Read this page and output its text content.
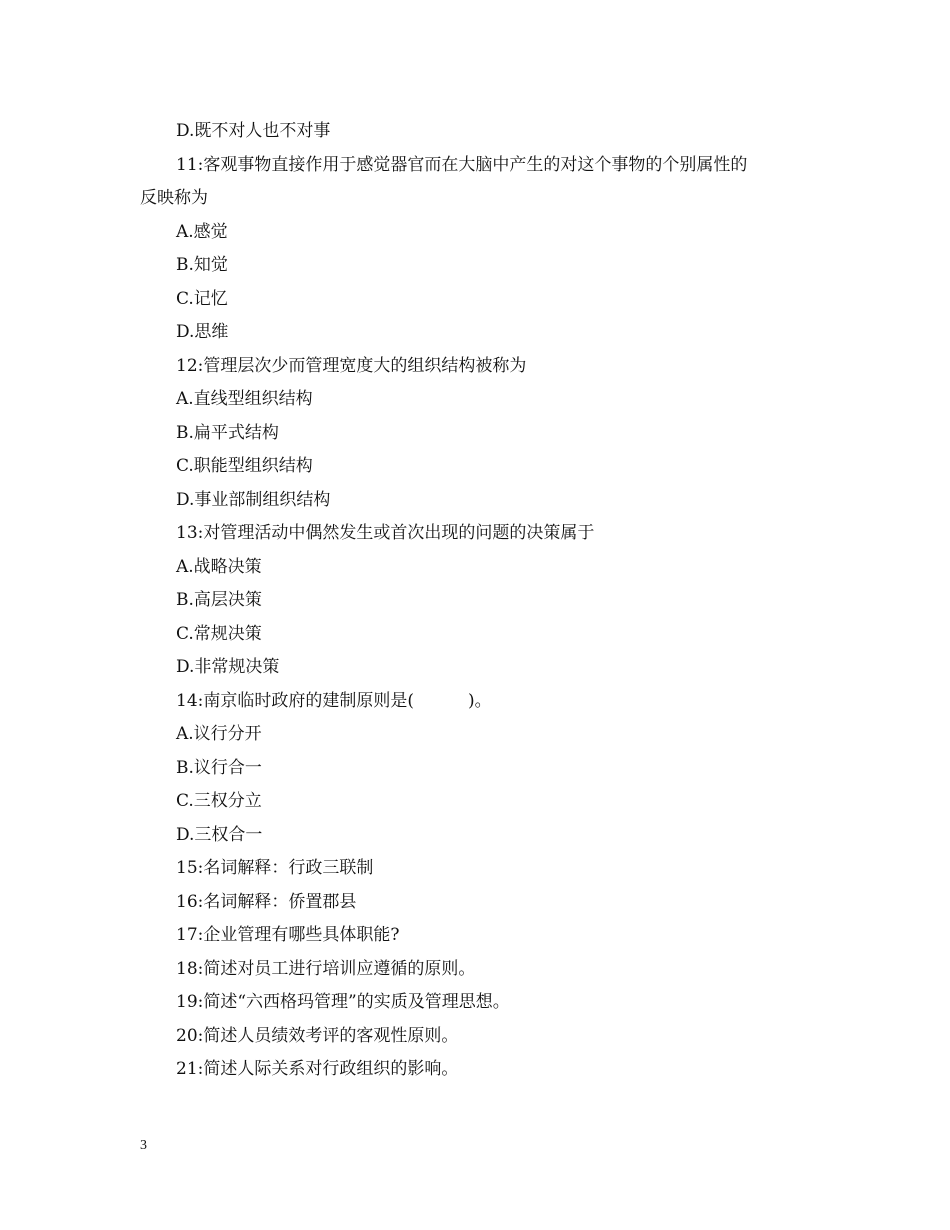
D.既不对人也不对事
11:客观事物直接作用于感觉器官而在大脑中产生的对这个事物的个别属性的
反映称为
A.感觉
B.知觉
C.记忆
D.思维
12:管理层次少而管理宽度大的组织结构被称为
A.直线型组织结构
B.扁平式结构
C.职能型组织结构
D.事业部制组织结构
13:对管理活动中偶然发生或首次出现的问题的决策属于
A.战略决策
B.高层决策
C.常规决策
D.非常规决策
14:南京临时政府的建制原则是(          )。
A.议行分开
B.议行合一
C.三权分立
D.三权合一
15:名词解释：行政三联制
16:名词解释：侨置郡县
17:企业管理有哪些具体职能?
18:简述对员工进行培训应遵循的原则。
19:简述“六西格玛管理”的实质及管理思想。
20:简述人员绩效考评的客观性原则。
21:简述人际关系对行政组织的影响。
3
